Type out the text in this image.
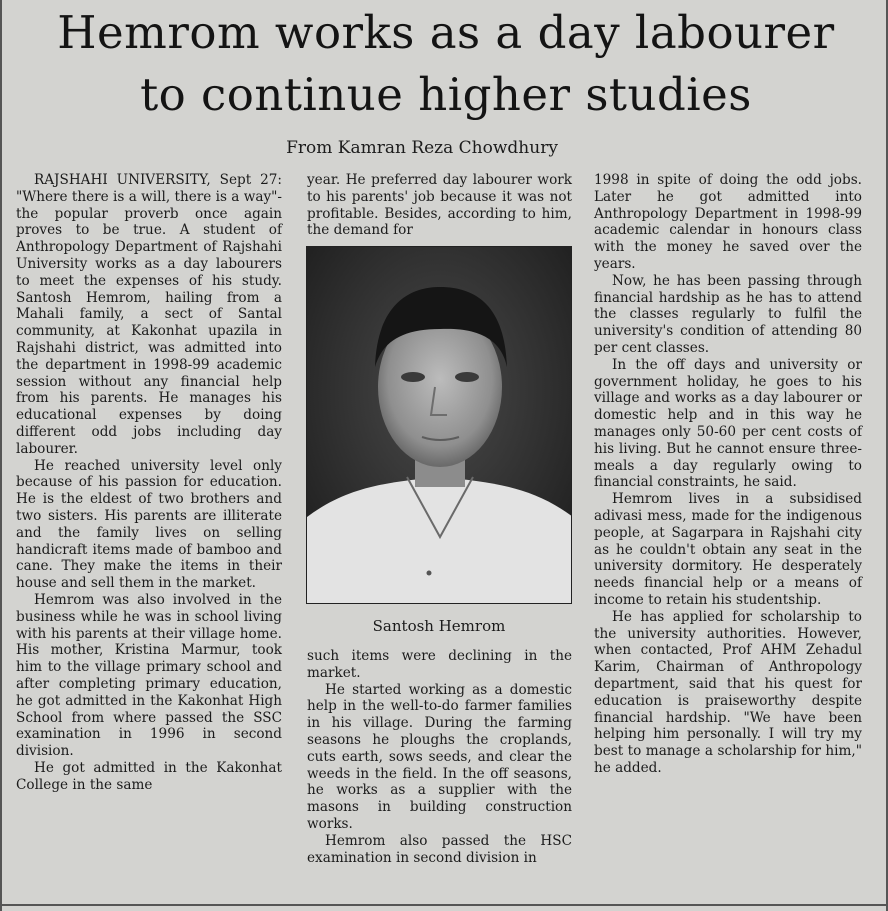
Hemrom works as a day labourer
to continue higher studies
From Kamran Reza Chowdhury

RAJSHAHI UNIVERSITY, Sept 27: "Where there is a will, there is a way"- the popular proverb once again proves to be true. A student of Anthropology Department of Rajshahi University works as a day labourers to meet the expenses of his study. Santosh Hemrom, hailing from a Mahali family, a sect of Santal community, at Kakonhat upazila in Rajshahi district, was admitted into the department in 1998-99 academic session without any financial help from his parents. He manages his educational expenses by doing different odd jobs including day labourer.

He reached university level only because of his passion for education. He is the eldest of two brothers and two sisters. His parents are illiterate and the family lives on selling handicraft items made of bamboo and cane. They make the items in their house and sell them in the market.

Hemrom was also involved in the business while he was in school living with his parents at their village home. His mother, Kristina Marmur, took him to the village primary school and after completing primary education, he got admitted in the Kakonhat High School from where passed the SSC examination in 1996 in second division.

He got admitted in the Kakonhat College in the same

year. He preferred day labourer work to his parents' job because it was not profitable. Besides, according to him, the demand for

Santosh Hemrom

such items were declining in the market.

He started working as a domestic help in the well-to-do farmer families in his village. During the farming seasons he ploughs the croplands, cuts earth, sows seeds, and clear the weeds in the field. In the off seasons, he works as a supplier with the masons in building construction works.

Hemrom also passed the HSC examination in second division in

1998 in spite of doing the odd jobs. Later he got admitted into Anthropology Department in 1998-99 academic calendar in honours class with the money he saved over the years.

Now, he has been passing through financial hardship as he has to attend the classes regularly to fulfil the university's condition of attending 80 per cent classes.

In the off days and university or government holiday, he goes to his village and works as a day labourer or domestic help and in this way he manages only 50-60 per cent costs of his living. But he cannot ensure three-meals a day regularly owing to financial constraints, he said.

Hemrom lives in a subsidised adivasi mess, made for the indigenous people, at Sagarpara in Rajshahi city as he couldn't obtain any seat in the university dormitory. He desperately needs financial help or a means of income to retain his studentship.

He has applied for scholarship to the university authorities. However, when contacted, Prof AHM Zehadul Karim, Chairman of Anthropology department, said that his quest for education is praiseworthy despite financial hardship. "We have been helping him personally. I will try my best to manage a scholarship for him," he added.
